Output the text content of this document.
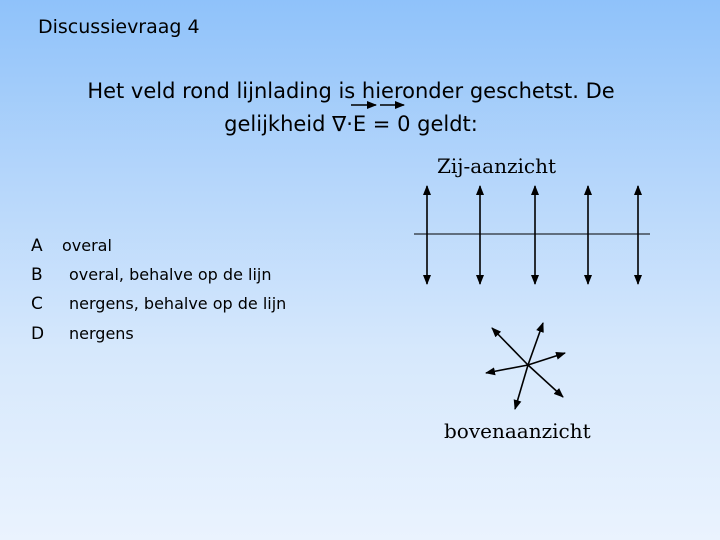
Discussievraag 4
Het veld rond lijnlading is hieronder geschetst. De
gelijkheid ∇·E = 0 geldt:
Zij-aanzicht
bovenaanzicht
A overal
B overal, behalve op de lijn
C nergens, behalve op de lijn
D nergens
